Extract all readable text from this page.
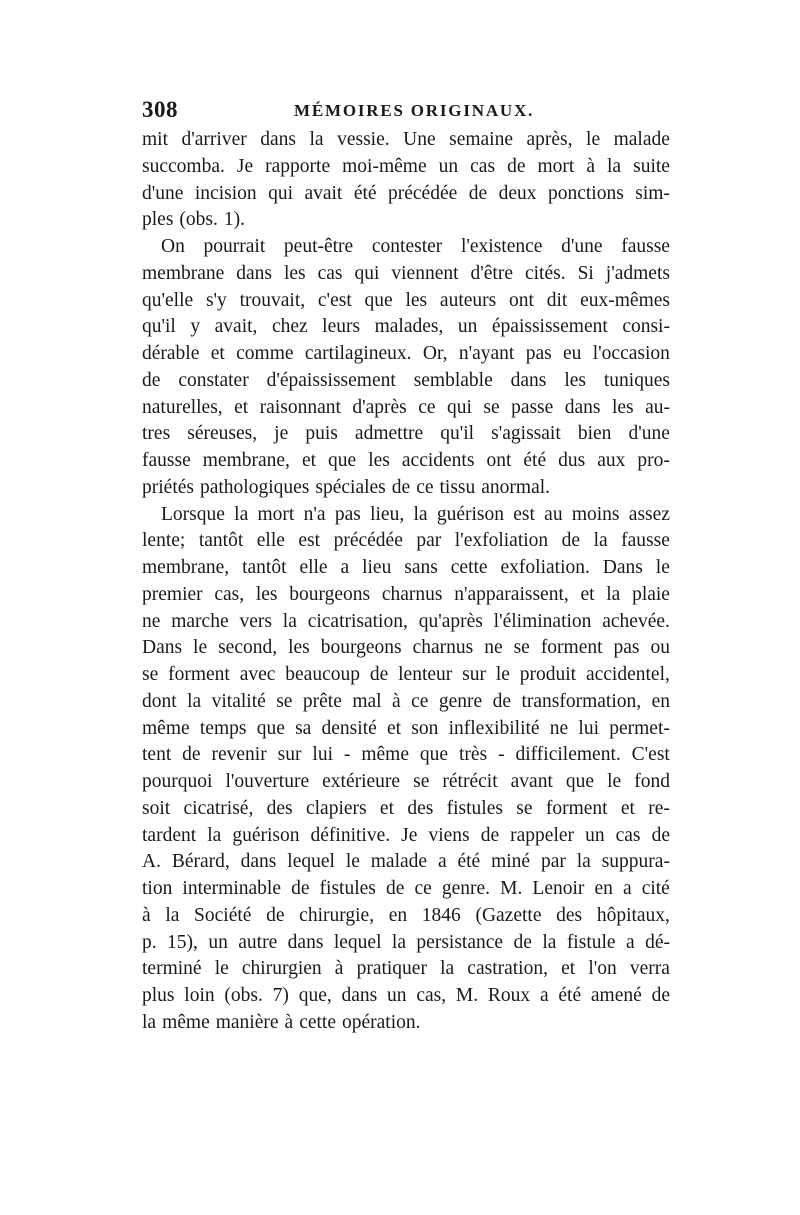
308	MÉMOIRES ORIGINAUX.
mit d'arriver dans la vessie. Une semaine après, le malade
succomba. Je rapporte moi-même un cas de mort à la suite
d'une incision qui avait été précédée de deux ponctions sim-
ples (obs. 1).
On pourrait peut-être contester l'existence d'une fausse
membrane dans les cas qui viennent d'être cités. Si j'admets
qu'elle s'y trouvait, c'est que les auteurs ont dit eux-mêmes
qu'il y avait, chez leurs malades, un épaississement consi-
dérable et comme cartilagineux. Or, n'ayant pas eu l'occasion
de constater d'épaississement semblable dans les tuniques
naturelles, et raisonnant d'après ce qui se passe dans les au-
tres séreuses, je puis admettre qu'il s'agissait bien d'une
fausse membrane, et que les accidents ont été dus aux pro-
priétés pathologiques spéciales de ce tissu anormal.
Lorsque la mort n'a pas lieu, la guérison est au moins assez
lente; tantôt elle est précédée par l'exfoliation de la fausse
membrane, tantôt elle a lieu sans cette exfoliation. Dans le
premier cas, les bourgeons charnus n'apparaissent, et la plaie
ne marche vers la cicatrisation, qu'après l'élimination achevée.
Dans le second, les bourgeons charnus ne se forment pas ou
se forment avec beaucoup de lenteur sur le produit accidentel,
dont la vitalité se prête mal à ce genre de transformation, en
même temps que sa densité et son inflexibilité ne lui permet-
tent de revenir sur lui - même que très - difficilement. C'est
pourquoi l'ouverture extérieure se rétrécit avant que le fond
soit cicatrisé, des clapiers et des fistules se forment et re-
tardent la guérison définitive. Je viens de rappeler un cas de
A. Bérard, dans lequel le malade a été miné par la suppura-
tion interminable de fistules de ce genre. M. Lenoir en a cité
à la Société de chirurgie, en 1846 (Gazette des hôpitaux,
p. 15), un autre dans lequel la persistance de la fistule a dé-
terminé le chirurgien à pratiquer la castration, et l'on verra
plus loin (obs. 7) que, dans un cas, M. Roux a été amené de
la même manière à cette opération.
